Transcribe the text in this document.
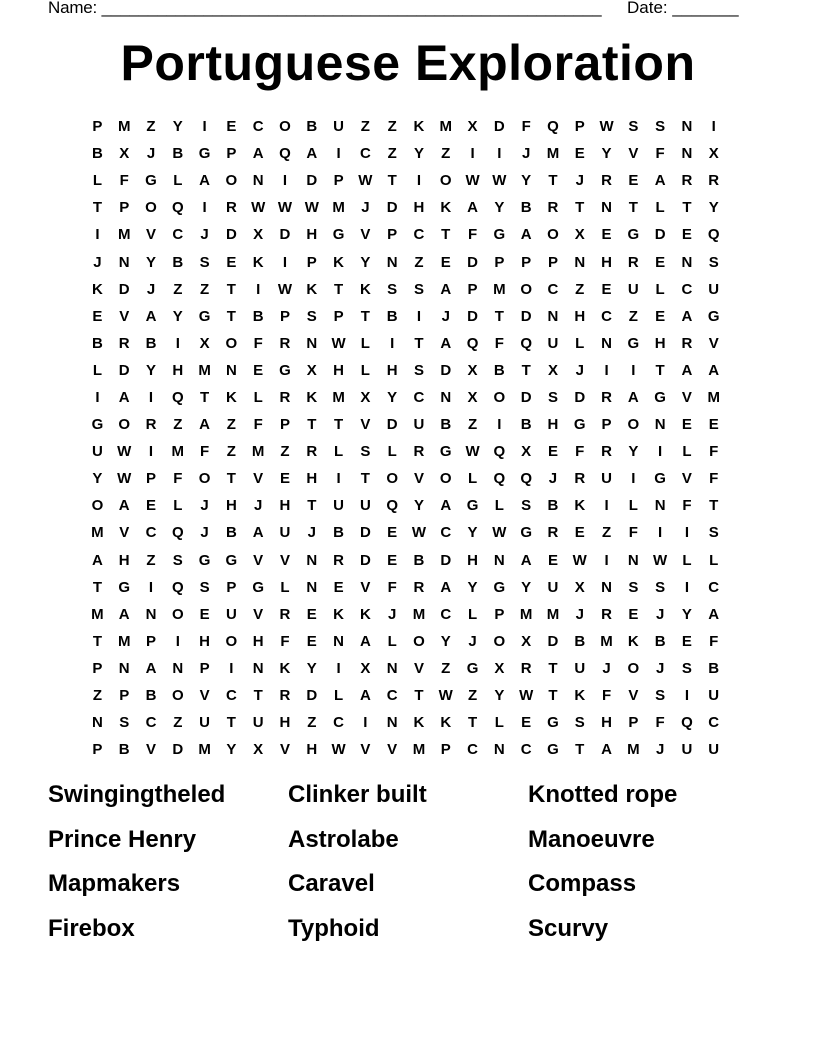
Name: ______________________________________________________ Date: _______
Portuguese Exploration
P	M	Z	Y	I	E	C	O	B	U	Z	Z	K	M	X	D	F	Q	P W S	S	N	I
B	X	J	B	G	P	A	Q	A	I	C	Z	Y	Z	I	I	J	M	E	Y	V	F	N	X
L	F	G	L	A	O	N	I	D	P W	T	I	O W W Y	T	J	R	E	A	R	R
T	P	O	Q	I	R W W W M	J	D	H	K	A	Y	B	R	T	N	T	L	T	Y
I	M	V	C	J	D	X	D	H	G	V	P	C	T	F	G	A	O	X	E	G	D	E	Q
J	N	Y	B	S	E	K	I	P	K	Y	N	Z	E	D	P	P	P	N	H	R	E	N	S
K	D	J	Z	Z	T	I	W K	T	K	S	S	A	P	M O	C	Z	E	U	L	C	U
E	V	A	Y	G	T	B	P	S	P	T	B	I	J	D	T	D	N	H	C	Z	E	A	G
B	R	B	I	X	O	F	R	N W	L	I	T	A	Q	F	Q	U	L	N	G	H	R	V
L	D	Y	H	M	N	E	G	X	H	L	H	S	D	X	B	T	X	J	I	I	T	A	A
I	A	I	Q	T	K	L	R	K	M	X	Y	C	N	X	O	D	S	D	R	A	G	V	M
G	O	R	Z	A	Z	F	P	T	T	V	D	U	B	Z	I	B	H	G	P	O	N	E	E
U W	I	M	F	Z	M	Z	R	L	S	L	R	G W Q	X	E	F	R	Y	I	L	F
Y W P	F	O	T	V	E	H	I	T	O	V	O	L	Q	Q	J	R	U	I	G	V	F
O	A	E	L	J	H	J	H	T	U	U	Q	Y	A	G	L	S	B	K	I	L	N	F	T
M	V	C	Q	J	B	A	U	J	B	D	E W C	Y W G	R	E	Z	F	I	I	S
A	H	Z	S	G	G	V	V	N	R	D	E	B	D	H	N	A	E W	I	N W	L	L
T	G	I	Q	S	P	G	L	N	E	V	F	R	A	Y	G	Y	U	X	N	S	S	I	C
M	A	N	O	E	U	V	R	E	K	K	J	M	C	L	P	M M	J	R	E	J	Y	A
T	M	P	I	H	O	H	F	E	N	A	L	O	Y	J	O	X	D	B	M	K	B	E	F
P	N	A	N	P	I	N	K	Y	I	X	N	V	Z	G	X	R	T	U	J	O	J	S	B
Z	P	B	O	V	C	T	R	D	L	A	C	T	W	Z	Y W	T	K	F	V	S	I	U
N	S	C	Z	U	T	U	H	Z	C	I	N	K	K	T	L	E	G	S	H	P	F	Q	C
P	B	V	D	M	Y	X	V	H W V	V	M	P	C	N	C	G	T	A	M	J	U	U
Swingingtheled	Clinker built	Knotted rope
Prince Henry	Astrolabe	Manoeuvre
Mapmakers	Caravel	Compass
Firebox	Typhoid	Scurvy
